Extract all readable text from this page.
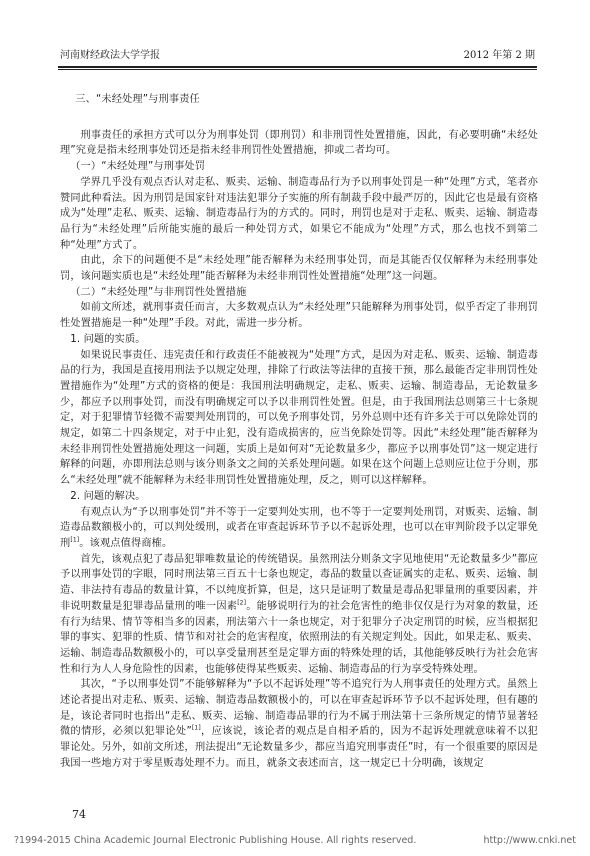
河南财经政法大学学报	2012 年第 2 期

三、“未经处理”与刑事责任

刑事责任的承担方式可以分为刑事处罚（即刑罚）和非刑罚性处置措施，因此，有必要明确“未经处理”究竟是指未经刑事处罚还是指未经非刑罚性处置措施，抑或二者均可。

（一）“未经处理”与刑事处罚

学界几乎没有观点否认对走私、贩卖、运输、制造毒品行为予以刑事处罚是一种“处理”方式，笔者亦赞同此种看法。因为刑罚是国家针对违法犯罪分子实施的所有制裁手段中最严厉的，因此它也是最有资格成为“处理”走私、贩卖、运输、制造毒品行为的方式的。同时，刑罚也是对于走私、贩卖、运输、制造毒品行为“未经处理”后所能实施的最后一种处罚方式，如果它不能成为“处理”方式，那么也找不到第二种“处理”方式了。

由此，余下的问题便不是“未经处理”能否解释为未经刑事处罚，而是其能否仅仅解释为未经刑事处罚，该问题实质也是“未经处理”能否解释为未经非刑罚性处置措施“处理”这一问题。

（二）“未经处理”与非刑罚性处置措施

如前文所述，就刑事责任而言，大多数观点认为“未经处理”只能解释为刑事处罚，似乎否定了非刑罚性处置措施是一种“处理”手段。对此，需进一步分析。

1. 问题的实质。

如果说民事责任、违宪责任和行政责任不能被视为“处理”方式，是因为对走私、贩卖、运输、制造毒品的行为，我国是直接用刑法予以规定处理，排除了行政法等法律的直接干预，那么最能否定非刑罚性处置措施作为“处理”方式的资格的便是：我国刑法明确规定，走私、贩卖、运输、制造毒品，无论数量多少，都应予以刑事处罚，而没有明确规定可以予以非刑罚性处置。但是，由于我国刑法总则第三十七条规定，对于犯罪情节轻微不需要判处刑罚的，可以免予刑事处罚，另外总则中还有许多关于可以免除处罚的规定，如第二十四条规定，对于中止犯，没有造成损害的，应当免除处罚等。因此“未经处理”能否解释为未经非刑罚性处置措施处理这一问题，实质上是如何对“无论数量多少，都应予以刑事处罚”这一规定进行解释的问题，亦即刑法总则与该分则条文之间的关系处理问题。如果在这个问题上总则应让位于分则，那么“未经处理”就不能解释为未经非刑罚性处置措施处理，反之，则可以这样解释。

2. 问题的解决。

有观点认为“予以刑事处罚”并不等于一定要判处实刑，也不等于一定要判处刑罚，对贩卖、运输、制造毒品数额极小的，可以判处缓刑，或者在审查起诉环节予以不起诉处理，也可以在审判阶段予以定罪免刑[1]。该观点值得商榷。

首先，该观点犯了毒品犯罪唯数量论的传统错误。虽然刑法分则条文字见地使用“无论数量多少”都应予以刑事处罚的字眼，同时刑法第三百五十七条也规定，毒品的数量以查证属实的走私、贩卖、运输、制造、非法持有毒品的数量计算，不以纯度折算，但是，这只是证明了数量是毒品犯罪量刑的重要因素，并非说明数量是犯罪毒品量刑的唯一因素[2]。能够说明行为的社会危害性的绝非仅仅是行为对象的数量，还有行为结果、情节等相当多的因素，刑法第六十一条也规定，对于犯罪分子决定刑罚的时候，应当根据犯罪的事实、犯罪的性质、情节和对社会的危害程度，依照刑法的有关规定判处。因此，如果走私、贩卖、运输、制造毒品数额极小的，可以享受量刑甚至是定罪方面的特殊处理的话，其他能够反映行为社会危害性和行为人人身危险性的因素，也能够使得某些贩卖、运输、制造毒品的行为享受特殊处理。

其次，“予以刑事处罚”不能够解释为“予以不起诉处理”等不追究行为人刑事责任的处理方式。虽然上述论者提出对走私、贩卖、运输、制造毒品数额极小的，可以在审查起诉环节予以不起诉处理，但有趣的是，该论者同时也指出“走私、贩卖、运输、制造毒品罪的行为不属于刑法第十三条所规定的情节显著轻微的情形，必须以犯罪论处”[1]，应该说，该论者的观点是自相矛盾的，因为不起诉处理就意味着不以犯罪论处。另外，如前文所述，刑法提出“无论数量多少，都应当追究刑事责任”时，有一个很重要的原因是我国一些地方对于零星贩毒处理不力。而且，就条文表述而言，这一规定已十分明确，该规定

74
?1994-2015 China Academic Journal Electronic Publishing House. All rights reserved.	http://www.cnki.net
